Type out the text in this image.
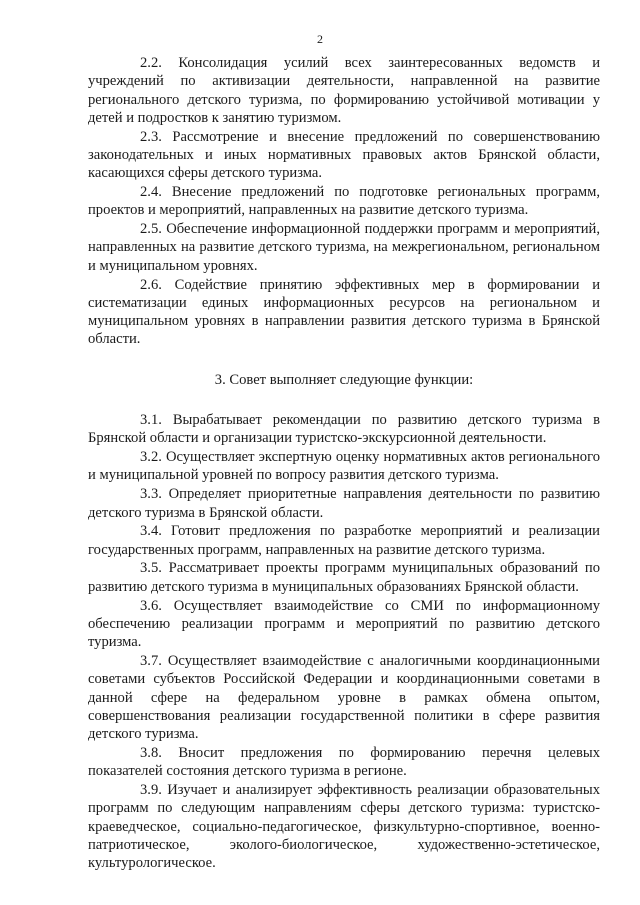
2

2.2. Консолидация усилий всех заинтересованных ведомств и учреждений по активизации деятельности, направленной на развитие регионального детского туризма, по формированию устойчивой мотивации у детей и подростков к занятию туризмом.

2.3. Рассмотрение и внесение предложений по совершенствованию законодательных и иных нормативных правовых актов Брянской области, касающихся сферы детского туризма.

2.4. Внесение предложений по подготовке региональных программ, проектов и мероприятий, направленных на развитие детского туризма.

2.5. Обеспечение информационной поддержки программ и мероприятий, направленных на развитие детского туризма, на межрегиональном, региональном и муниципальном уровнях.

2.6. Содействие принятию эффективных мер в формировании и систематизации единых информационных ресурсов на региональном и муниципальном уровнях в направлении развития детского туризма в Брянской области.

3. Совет выполняет следующие функции:

3.1. Вырабатывает рекомендации по развитию детского туризма в Брянской области и организации туристско-экскурсионной деятельности.

3.2. Осуществляет экспертную оценку нормативных актов регионального и муниципальной уровней по вопросу развития детского туризма.

3.3. Определяет приоритетные направления деятельности по развитию детского туризма в Брянской области.

3.4. Готовит предложения по разработке мероприятий и реализации государственных программ, направленных на развитие детского туризма.

3.5. Рассматривает проекты программ муниципальных образований по развитию детского туризма в муниципальных образованиях Брянской области.

3.6. Осуществляет взаимодействие со СМИ по информационному обеспечению реализации программ и мероприятий по развитию детского туризма.

3.7. Осуществляет взаимодействие с аналогичными координационными советами субъектов Российской Федерации и координационными советами в данной сфере на федеральном уровне в рамках обмена опытом, совершенствования реализации государственной политики в сфере развития детского туризма.

3.8. Вносит предложения по формированию перечня целевых показателей состояния детского туризма в регионе.

3.9. Изучает и анализирует эффективность реализации образовательных программ по следующим направлениям сферы детского туризма: туристско-краеведческое, социально-педагогическое, физкультурно-спортивное, военно-патриотическое, эколого-биологическое, художественно-эстетическое, культурологическое.
